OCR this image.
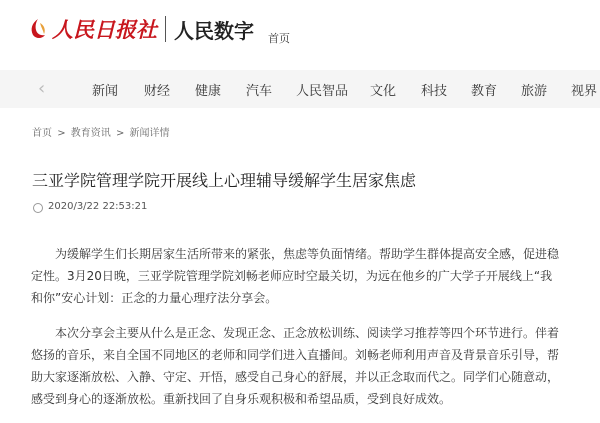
人民日报社 人民数字 首页
‹	新闻 财经 健康 汽车 人民智品 文化 科技 教育 旅游 视界
首页 > 教育资讯 > 新闻详情
三亚学院管理学院开展线上心理辅导缓解学生居家焦虑
2020/3/22 22:53:21

为缓解学生们长期居家生活所带来的紧张，焦虑等负面情绪。帮助学生群体提高安全感，促进稳定性。3月20日晚，三亚学院管理学院刘畅老师应时空最关切，为远在他乡的广大学子开展线上“我和你”安心计划：正念的力量心理疗法分享会。

本次分享会主要从什么是正念、发现正念、正念放松训练、阅读学习推荐等四个环节进行。伴着悠扬的音乐，来自全国不同地区的老师和同学们进入直播间。刘畅老师利用声音及背景音乐引导，帮助大家逐渐放松、入静、守定、开悟，感受自己身心的舒展，并以正念取而代之。同学们心随意动，感受到身心的逐渐放松。重新找回了自身乐观积极和希望品质，受到良好成效。
